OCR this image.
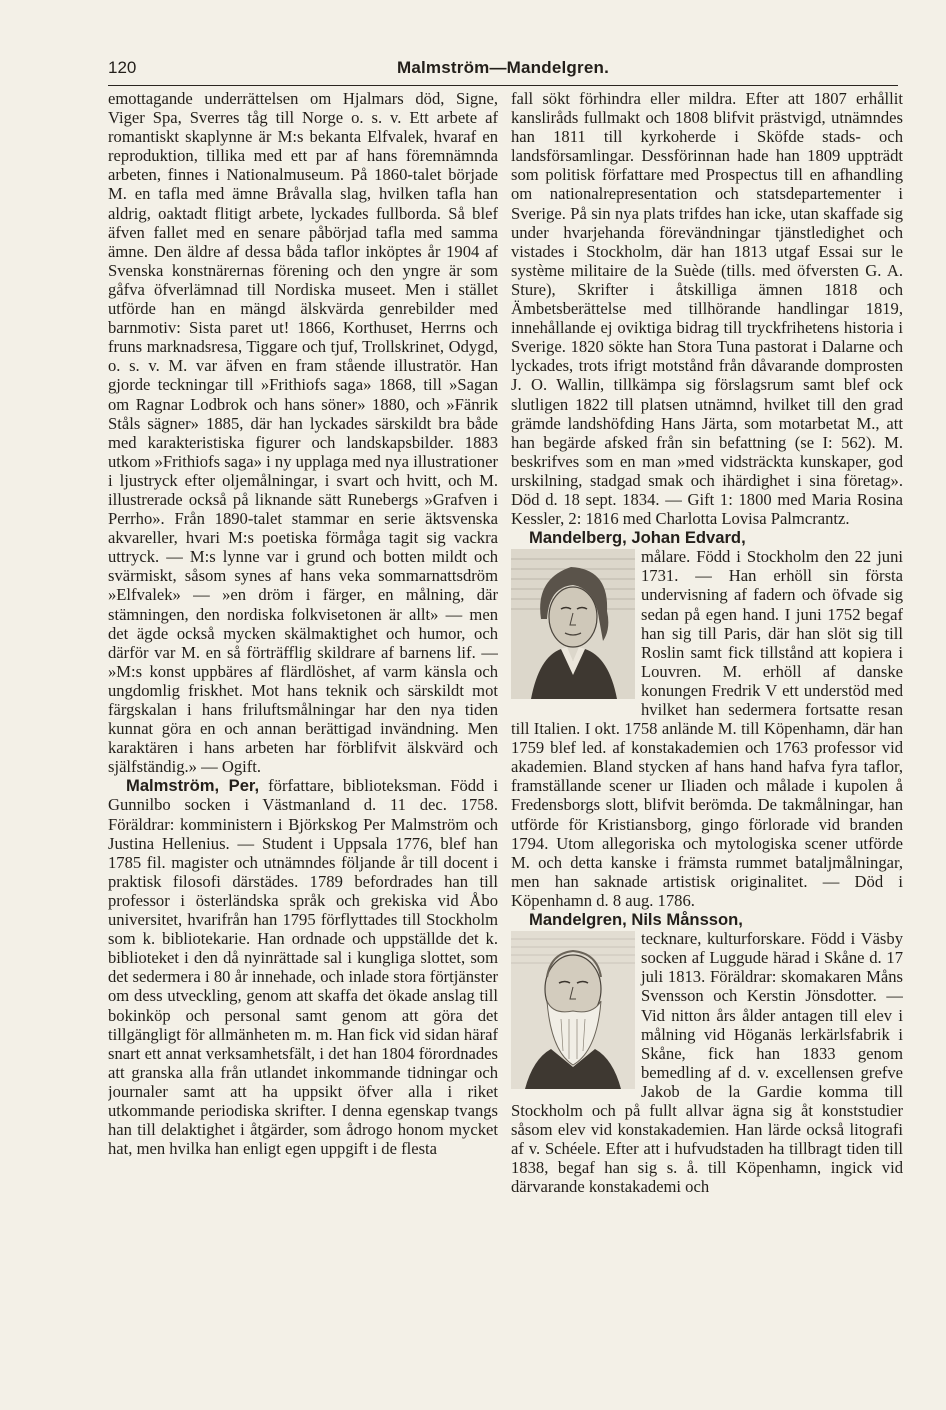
120	Malmström—Mandelgren.

emottagande underrättelsen om Hjalmars död, Signe, Viger Spa, Sverres tåg till Norge o. s. v. Ett arbete af romantiskt skaplynne är M:s bekanta Elfvalek, hvaraf en reproduktion, tillika med ett par af hans föremnämnda arbeten, finnes i Nationalmuseum. På 1860-talet började M. en tafla med ämne Bråvalla slag, hvilken tafla han aldrig, oaktadt flitigt arbete, lyckades fullborda. Så blef äfven fallet med en senare påbörjad tafla med samma ämne. Den äldre af dessa båda taflor inköptes år 1904 af Svenska konstnärernas förening och den yngre är som gåfva öfverlämnad till Nordiska museet. Men i stället utförde han en mängd älskvärda genrebilder med barnmotiv: Sista paret ut! 1866, Korthuset, Herrns och fruns marknadsresa, Tiggare och tjuf, Trollskrinet, Odygd, o. s. v. M. var äfven en fram stående illustratör. Han gjorde teckningar till »Frithiofs saga» 1868, till »Sagan om Ragnar Lodbrok och hans söner» 1880, och »Fänrik Ståls sägner» 1885, där han lyckades särskildt bra både med karakteristiska figurer och landskapsbilder. 1883 utkom »Frithiofs saga» i ny upplaga med nya illustrationer i ljustryck efter oljemålningar, i svart och hvitt, och M. illustrerade också på liknande sätt Runebergs »Grafven i Perrho». Från 1890-talet stammar en serie äktsvenska akvareller, hvari M:s poetiska förmåga tagit sig vackra uttryck. — M:s lynne var i grund och botten mildt och svärmiskt, såsom synes af hans veka sommarnattsdröm »Elfvalek» — »en dröm i färger, en målning, där stämningen, den nordiska folkvisetonen är allt» — men det ägde också mycken skälmaktighet och humor, och därför var M. en så förträfflig skildrare af barnens lif. — »M:s konst uppbäres af flärdlöshet, af varm känsla och ungdomlig friskhet. Mot hans teknik och särskildt mot färgskalan i hans friluftsmålningar har den nya tiden kunnat göra en och annan berättigad invändning. Men karaktären i hans arbeten har förblifvit älskvärd och själfständig.» — Ogift.

Malmström, Per, författare, biblioteksman. Född i Gunnilbo socken i Västmanland d. 11 dec. 1758. Föräldrar: komministern i Björkskog Per Malmström och Justina Hellenius. — Student i Uppsala 1776, blef han 1785 fil. magister och utnämndes följande år till docent i praktisk filosofi därstädes. 1789 befordrades han till professor i österländska språk och grekiska vid Åbo universitet, hvarifrån han 1795 förflyttades till Stockholm som k. bibliotekarie. Han ordnade och uppställde det k. biblioteket i den då nyinrättade sal i kungliga slottet, som det sedermera i 80 år innehade, och inlade stora förtjänster om dess utveckling, genom att skaffa det ökade anslag till bokinköp och personal samt genom att göra det tillgängligt för allmänheten m. m. Han fick vid sidan häraf snart ett annat verksamhetsfält, i det han 1804 förordnades att granska alla från utlandet inkommande tidningar och journaler samt att ha uppsikt öfver alla i riket utkommande periodiska skrifter. I denna egenskap tvangs han till delaktighet i åtgärder, som ådrogo honom mycket hat, men hvilka han enligt egen uppgift i de flesta

fall sökt förhindra eller mildra. Efter att 1807 erhållit kansliråds fullmakt och 1808 blifvit prästvigd, utnämndes han 1811 till kyrkoherde i Sköfde stads- och landsförsamlingar. Dessförinnan hade han 1809 uppträdt som politisk författare med Prospectus till en afhandling om nationalrepresentation och statsdepartementer i Sverige. På sin nya plats trifdes han icke, utan skaffade sig under hvarjehanda förevändningar tjänstledighet och vistades i Stockholm, där han 1813 utgaf Essai sur le système militaire de la Suède (tills. med öfversten G. A. Sture), Skrifter i åtskilliga ämnen 1818 och Ämbetsberättelse med tillhörande handlingar 1819, innehållande ej oviktiga bidrag till tryckfrihetens historia i Sverige. 1820 sökte han Stora Tuna pastorat i Dalarne och lyckades, trots ifrigt motstånd från dåvarande domprosten J. O. Wallin, tillkämpa sig förslagsrum samt blef ock slutligen 1822 till platsen utnämnd, hvilket till den grad grämde landshöfding Hans Järta, som motarbetat M., att han begärde afsked från sin befattning (se I: 562). M. beskrifves som en man »med vidsträckta kunskaper, god urskilning, stadgad smak och ihärdighet i sina företag». Död d. 18 sept. 1834. — Gift 1: 1800 med Maria Rosina Kessler, 2: 1816 med Charlotta Lovisa Palmcrantz.

Mandelberg, Johan Edvard,

målare. Född i Stockholm den 22 juni 1731. — Han erhöll sin första undervisning af fadern och öfvade sig sedan på egen hand. I juni 1752 begaf han sig till Paris, där han slöt sig till Roslin samt fick tillstånd att kopiera i Louvren. M. erhöll af danske konungen Fredrik V ett understöd med hvilket han sedermera fortsatte resan till Italien. I okt. 1758 anlände M. till Köpenhamn, där han 1759 blef led. af konstakademien och 1763 professor vid akademien. Bland stycken af hans hand hafva fyra taflor, framställande scener ur Iliaden och målade i kupolen å Fredensborgs slott, blifvit berömda. De takmålningar, han utförde för Kristiansborg, gingo förlorade vid branden 1794. Utom allegoriska och mytologiska scener utförde M. och detta kanske i främsta rummet bataljmålningar, men han saknade artistisk originalitet. — Död i Köpenhamn d. 8 aug. 1786.

Mandelgren, Nils Månsson,

tecknare, kulturforskare. Född i Väsby socken af Luggude härad i Skåne d. 17 juli 1813. Föräldrar: skomakaren Måns Svensson och Kerstin Jönsdotter. — Vid nitton års ålder antagen till elev i målning vid Höganäs lerkärlsfabrik i Skåne, fick han 1833 genom bemedling af d. v. excellensen grefve Jakob de la Gardie komma till Stockholm och på fullt allvar ägna sig åt konststudier såsom elev vid konstakademien. Han lärde också litografi af v. Schéele. Efter att i hufvudstaden ha tillbragt tiden till 1838, begaf han sig s. å. till Köpenhamn, ingick vid därvarande konstakademi och
